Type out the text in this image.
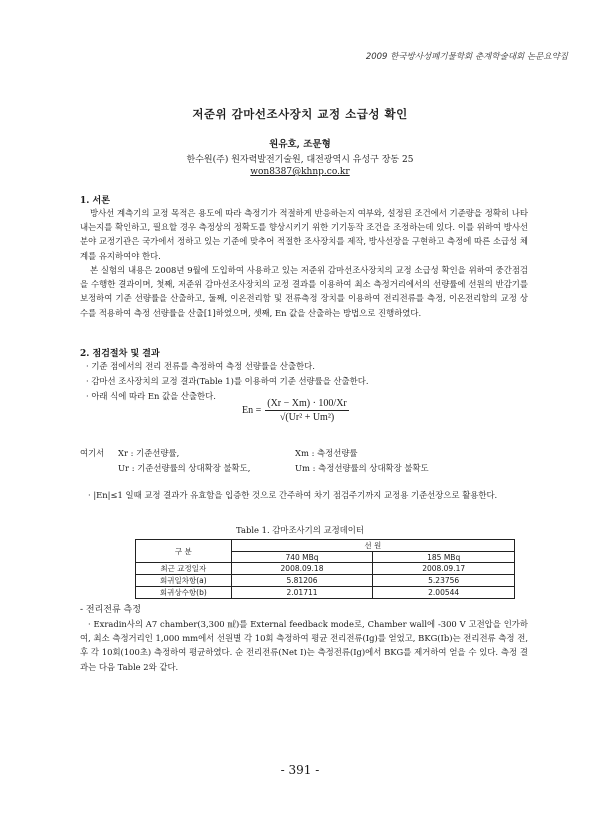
2009 한국방사성폐기물학회 춘계학술대회 논문요약집
저준위 감마선조사장치 교정 소급성 확인
원유호, 조문형
한수원(주) 원자력발전기술원, 대전광역시 유성구 장동 25
won8387@khnp.co.kr
1. 서론

방사선 계측기의 교정 목적은 용도에 따라 측정기가 적절하게 반응하는지 여부와, 설정된 조건에서 기준량을 정확히 나타내는지를 확인하고, 필요할 경우 측정상의 정확도를 향상시키기 위한 기기동작 조건을 조정하는데 있다. 이를 위하여 방사선 분야 교정기관은 국가에서 정하고 있는 기준에 맞추어 적절한 조사장치를 제작, 방사선장을 구현하고 측정에 따른 소급성 체계를 유지하여야 한다.

본 실험의 내용은 2008년 9월에 도입하여 사용하고 있는 저준위 감마선조사장치의 교정 소급성 확인을 위하여 중간점검을 수행한 결과이며, 첫째, 저준위 감마선조사장치의 교정 결과를 이용하여 최소 측정거리에서의 선량률에 선원의 반감기를 보정하여 기준 선량률을 산출하고, 둘째, 이온전리함 및 전류측정 장치를 이용하여 전리전류를 측정, 이온전리함의 교정 상수를 적용하여 측정 선량률을 산출[1]하였으며, 셋째, En 값을 산출하는 방법으로 진행하였다.

2. 점검절차 및 결과
· 기준 점에서의 전리 전류를 측정하여 측정 선량률을 산출한다.
· 감마선 조사장치의 교정 결과(Table 1)를 이용하여 기준 선량률을 산출한다.
· 아래 식에 따라 En 값을 산출한다.
$En = \frac{(Xr - Xm) \cdot 100/Xr}{\text{√(Ur² + Um²)}}$
여기서 Xr : 기준선량률,	Xm : 측정선량률
Ur : 기준선량률의 상대확장 불확도,	Um : 측정선량률의 상대확장 불확도

· |En|≤1 일때 교정 결과가 유효함을 입증한 것으로 간주하여 차기 점검주기까지 교정용 기준선장으로 활용한다.

Table 1. 감마조사기의 교정데이터
구 분	선 원	
	740 MBq	185 MBq
최근 교정일자	2008.09.18	2008.09.17
회귀일차항(a)	5.81206	5.23756
회귀상수항(b)	2.01711	2.00544
- 전리전류 측정

· Exradin사의 A7 chamber(3,300 ㎖)를 External feedback mode로, Chamber wall에 -300 V 고전압을 인가하여, 최소 측정거리인 1,000 mm에서 선원별 각 10회 측정하여 평균 전리전류(Ig)를 얻었고, BKG(Ib)는 전리전류 측정 전, 후 각 10회(100초) 측정하여 평균하였다. 순 전리전류(Net I)는 측정전류(Ig)에서 BKG를 제거하여 얻을 수 있다. 측정 결과는 다음 Table 2와 같다.

- 391 -
